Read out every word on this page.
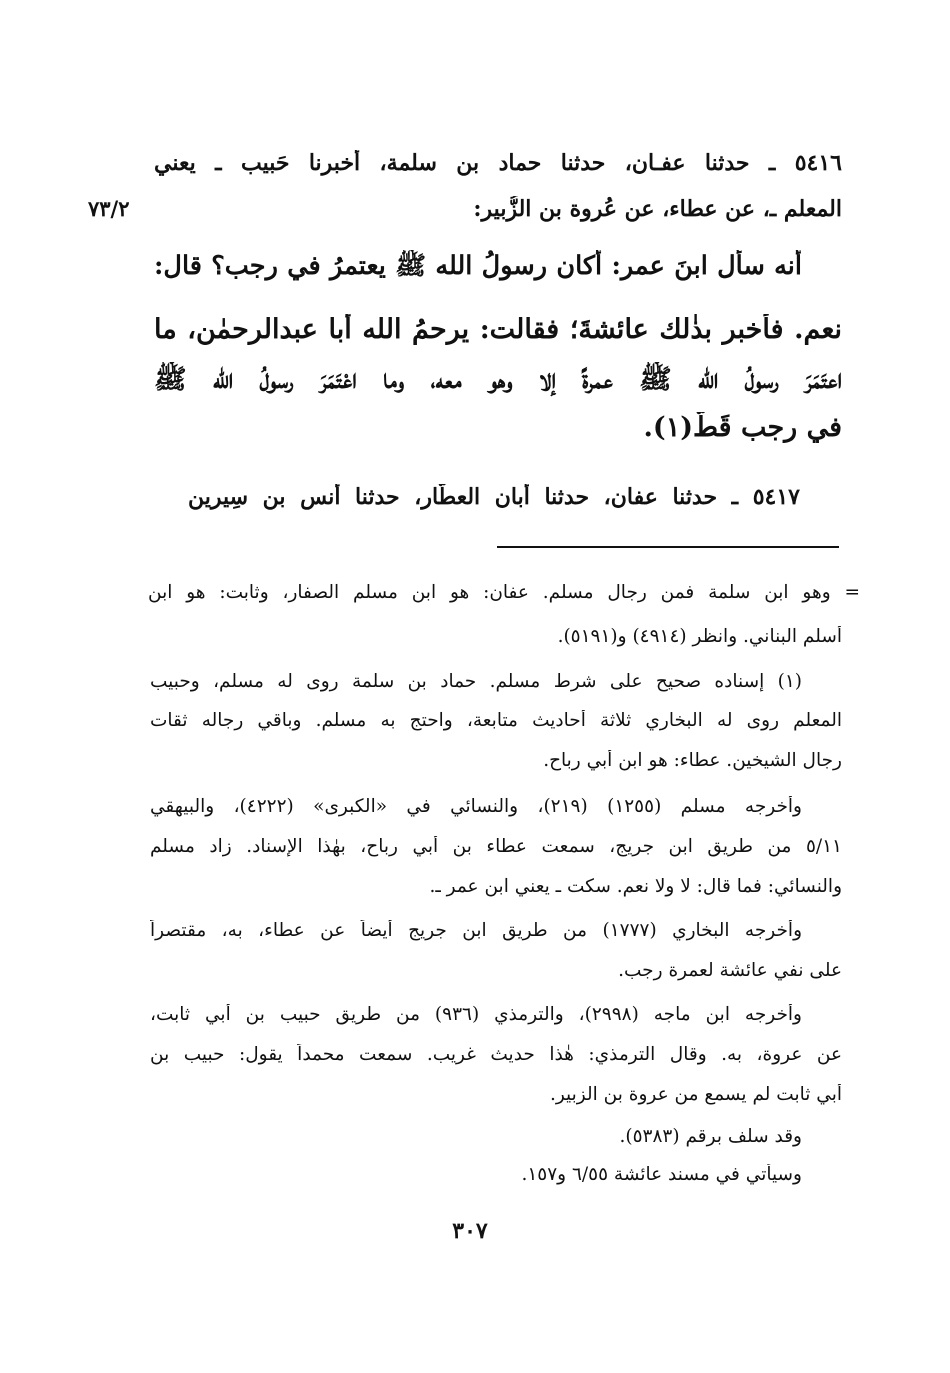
٧٣/٢
٥٤١٦ ـ حدثنا عفـان، حدثنا حماد بن سلمة، أخبرنا حَبيب ـ يعني
المعلم ـ، عن عطاء، عن عُروة بن الزُّبير:
أنه سأل ابنَ عمر: أكان رسولُ الله ﷺ يعتمرُ في رجب؟ قال:
نعم. فأُخبر بذٰلك عائشةَ؛ فقالت: يرحمُ الله أبا عبدالرحمٰن، ما
اعتَمَرَ رسولُ الله ﷺ عمرةً إلا وهو معه، وما اعْتَمَرَ رسولُ الله ﷺ
في رجب قَطُّ(١).
٥٤١٧ ـ حدثنا عفان، حدثنا أبان العطَّار، حدثنا أنس بن سِيرين
= وهو ابن سلمة فمن رجال مسلم. عفان: هو ابن مسلم الصفار، وثابت: هو ابن
أسلم البناني. وانظر (٤٩١٤) و(٥١٩١).
(١) إسناده صحيح على شرط مسلم. حماد بن سلمة روى له مسلم، وحبيب
المعلم روى له البخاري ثلاثة أحاديث متابعة، واحتج به مسلم. وباقي رجاله ثقات
رجال الشيخين. عطاء: هو ابن أبي رباح.
وأخرجه مسلم (١٢٥٥) (٢١٩)، والنسائي في «الكبرى» (٤٢٢٢)، والبيهقي
٥/١١ من طريق ابن جريج، سمعت عطاء بن أبي رباح، بهٰذا الإسناد. زاد مسلم
والنسائي: فما قال: لا ولا نعم. سكت ـ يعني ابن عمر ـ.
وأخرجه البخاري (١٧٧٧) من طريق ابن جريج أيضاً عن عطاء، به، مقتصراً
على نفي عائشة لعمرة رجب.
وأخرجه ابن ماجه (٢٩٩٨)، والترمذي (٩٣٦) من طريق حبيب بن أبي ثابت،
عن عروة، به. وقال الترمذي: هٰذا حديث غريب. سمعت محمداً يقول: حبيب بن
أبي ثابت لم يسمع من عروة بن الزبير.
وقد سلف برقم (٥٣٨٣).
وسيأتي في مسند عائشة ٦/٥٥ و١٥٧.
٣٠٧
